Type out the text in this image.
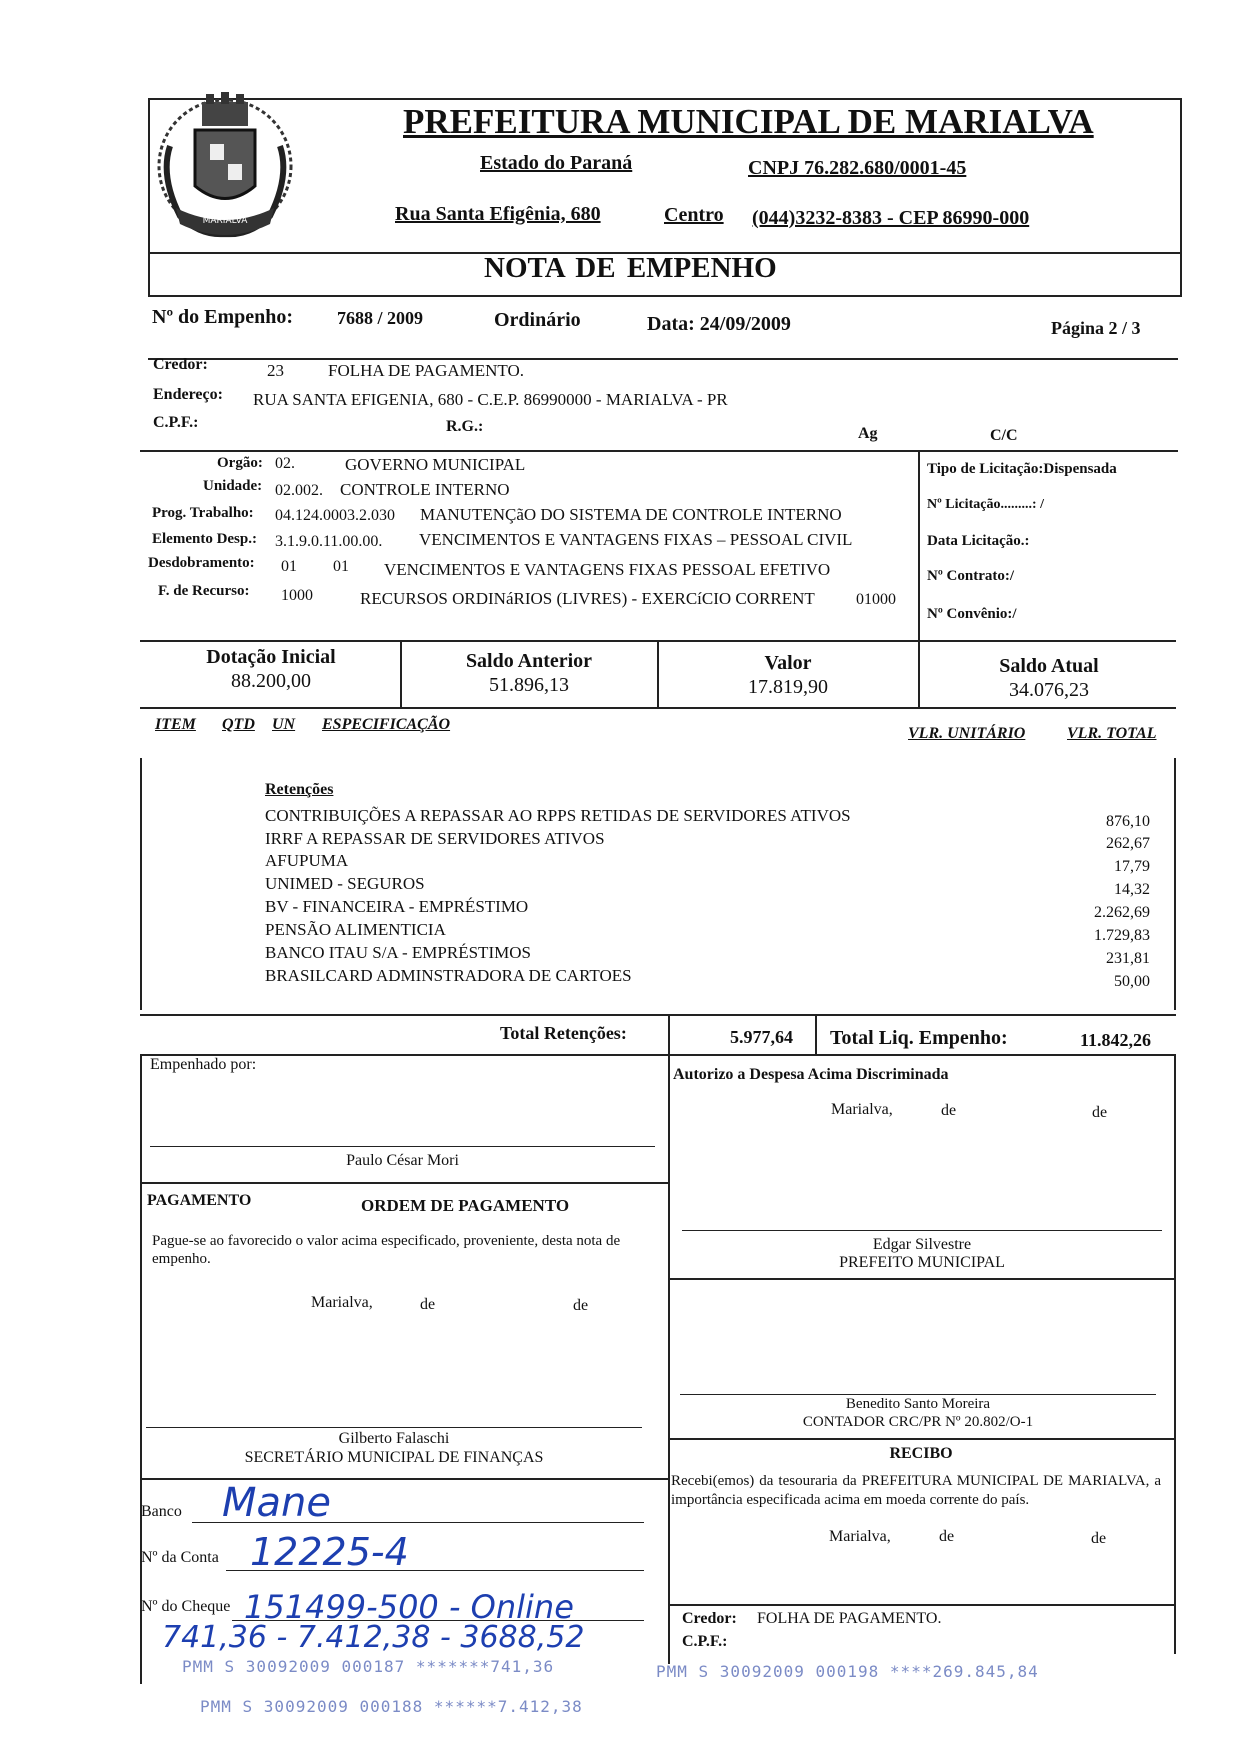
MARIALVA
PREFEITURA MUNICIPAL DE MARIALVA
Estado do Paraná	CNPJ 76.282.680/0001-45
Rua Santa Efigênia, 680	Centro (044)3232-8383 - CEP 86990-000
NOTA DE EMPENHO
Nº do Empenho: 7688 / 2009	Ordinário	Data: 24/09/2009	Página 2 / 3
Credor:	23	FOLHA DE PAGAMENTO.
Endereço: RUA SANTA EFIGENIA, 680 - C.E.P. 86990000 - MARIALVA - PR
C.P.F.:	R.G.:	Ag	C/C
Orgão: 02.	GOVERNO MUNICIPAL
Unidade: 02.002. CONTROLE INTERNO
Prog. Trabalho: 04.124.0003.2.030 MANUTENÇãO DO SISTEMA DE CONTROLE INTERNO
Elemento Desp.: 3.1.9.0.11.00.00. VENCIMENTOS E VANTAGENS FIXAS – PESSOAL CIVIL
Desdobramento: 01 01 VENCIMENTOS E VANTAGENS FIXAS PESSOAL EFETIVO
F. de Recurso: 1000	RECURSOS ORDINáRIOS (LIVRES) - EXERCíCIO CORRENT	01000
Tipo de Licitação:Dispensada
Nº Licitação.........: /
Data Licitação.:
Nº Contrato:/
Nº Convênio:/
Dotação Inicial
88.200,00
Saldo Anterior
51.896,13
Valor
17.819,90
Saldo Atual
34.076,23
ITEM QTD UN ESPECIFICAÇÃO
VLR. UNITÁRIO	VLR. TOTAL
Retenções
CONTRIBUIÇÕES A REPASSAR AO RPPS RETIDAS DE SERVIDORES ATIVOS	876,10
IRRF A REPASSAR DE SERVIDORES ATIVOS	262,67
AFUPUMA	17,79
UNIMED - SEGUROS	14,32
BV - FINANCEIRA - EMPRÉSTIMO	2.262,69
PENSÃO ALIMENTICIA	1.729,83
BANCO ITAU S/A - EMPRÉSTIMOS	231,81
BRASILCARD ADMINSTRADORA DE CARTOES	50,00
Total Retenções:	5.977,64 Total Liq. Empenho:	11.842,26
Empenhado por:
Paulo César Mori
Autorizo a Despesa Acima Discriminada
Marialva,	de	de
Edgar Silvestre
PREFEITO MUNICIPAL
PAGAMENTO	ORDEM DE PAGAMENTO
Pague-se ao favorecido o valor acima especificado, proveniente, desta nota de empenho.
Marialva,	de	de
Gilberto Falaschi
SECRETÁRIO MUNICIPAL DE FINANÇAS
Benedito Santo Moreira
CONTADOR CRC/PR Nº 20.802/O-1
RECIBO
Recebi(emos) da tesouraria da PREFEITURA MUNICIPAL DE MARIALVA, a importância especificada acima em moeda corrente do país.
Marialva,	de	de
Credor: FOLHA DE PAGAMENTO.
C.P.F.:
Banco Mane
Nº da Conta 12225-4
Nº do Cheque 151499-500 - Online
741,36 - 7.412,38 - 3688,52
PMM S 30092009 000187 *******741,36	PMM S 30092009 000198 ****269.845,84
PMM S 30092009 000188 ******7.412,38
